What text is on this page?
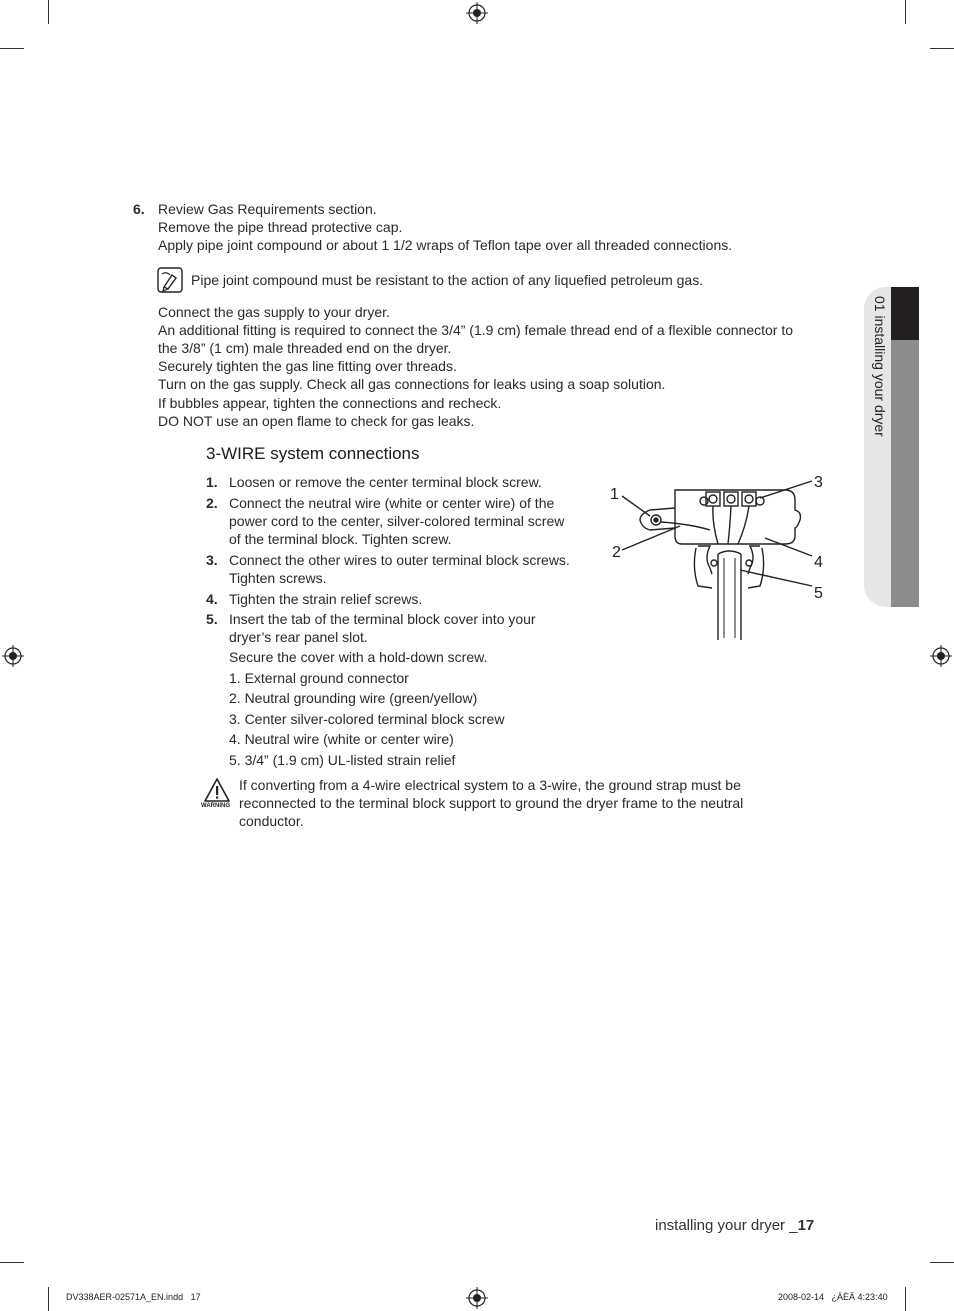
6. Review Gas Requirements section.
Remove the pipe thread protective cap.
Apply pipe joint compound or about 1 1/2 wraps of Teflon tape over all threaded connections.
Pipe joint compound must be resistant to the action of any liquefied petroleum gas.
Connect the gas supply to your dryer.
An additional fitting is required to connect the 3/4” (1.9 cm) female thread end of a flexible connector to
the 3/8” (1 cm) male threaded end on the dryer.
Securely tighten the gas line fitting over threads.
Turn on the gas supply. Check all gas connections for leaks using a soap solution.
If bubbles appear, tighten the connections and recheck.
DO NOT use an open flame to check for gas leaks.
3-WIRE system connections
1. Loosen or remove the center terminal block screw.
2. Connect the neutral wire (white or center wire) of the
power cord to the center, silver-colored terminal screw
of the terminal block. Tighten screw.
3. Connect the other wires to outer terminal block screws.
Tighten screws.
4. Tighten the strain relief screws.
5. Insert the tab of the terminal block cover into your
dryer’s rear panel slot.
Secure the cover with a hold-down screw.
1. External ground connector
2. Neutral grounding wire (green/yellow)
3. Center silver-colored terminal block screw
4. Neutral wire (white or center wire)
5. 3/4” (1.9 cm) UL-listed strain relief
WARNING
If converting from a 4-wire electrical system to a 3-wire, the ground strap must be
reconnected to the terminal block support to ground the dryer frame to the neutral
conductor.
1
2
3
4
5
01 installing your dryer
installing your dryer _17
DV338AER-02571A_EN.indd   17	2008-02-14   ¿ÀÈÄ 4:23:40
